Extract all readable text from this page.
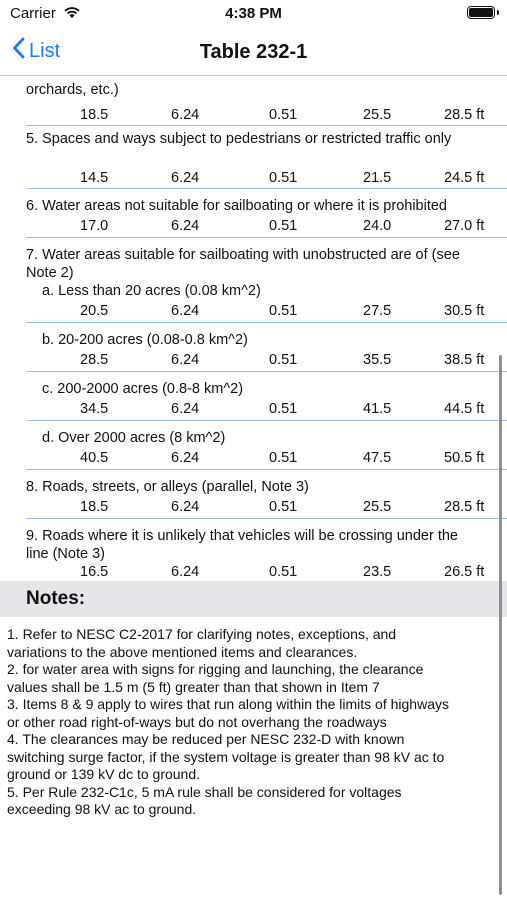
Carrier	4:38 PM
List	Table 232-1
orchards, etc.)
18.5	6.24	0.51	25.5	28.5 ft
5. Spaces and ways subject to pedestrians or restricted traffic only
14.5	6.24	0.51	21.5	24.5 ft
6. Water areas not suitable for sailboating or where it is prohibited
17.0	6.24	0.51	24.0	27.0 ft
7. Water areas suitable for sailboating with unobstructed are of (see Note 2)
a. Less than 20 acres (0.08 km^2)
20.5	6.24	0.51	27.5	30.5 ft
b. 20-200 acres (0.08-0.8 km^2)
28.5	6.24	0.51	35.5	38.5 ft
c. 200-2000 acres (0.8-8 km^2)
34.5	6.24	0.51	41.5	44.5 ft
d. Over 2000 acres (8 km^2)
40.5	6.24	0.51	47.5	50.5 ft
8. Roads, streets, or alleys (parallel, Note 3)
18.5	6.24	0.51	25.5	28.5 ft
9. Roads where it is unlikely that vehicles will be crossing under the line (Note 3)
16.5	6.24	0.51	23.5	26.5 ft
Notes:
1. Refer to NESC C2-2017 for clarifying notes, exceptions, and variations to the above mentioned items and clearances.
2. for water area with signs for rigging and launching, the clearance values shall be 1.5 m (5 ft) greater than that shown in Item 7
3. Items 8 & 9 apply to wires that run along within the limits of highways or other road right-of-ways but do not overhang the roadways
4. The clearances may be reduced per NESC 232-D with known switching surge factor, if the system voltage is greater than 98 kV ac to ground or 139 kV dc to ground.
5. Per Rule 232-C1c, 5 mA rule shall be considered for voltages exceeding 98 kV ac to ground.
